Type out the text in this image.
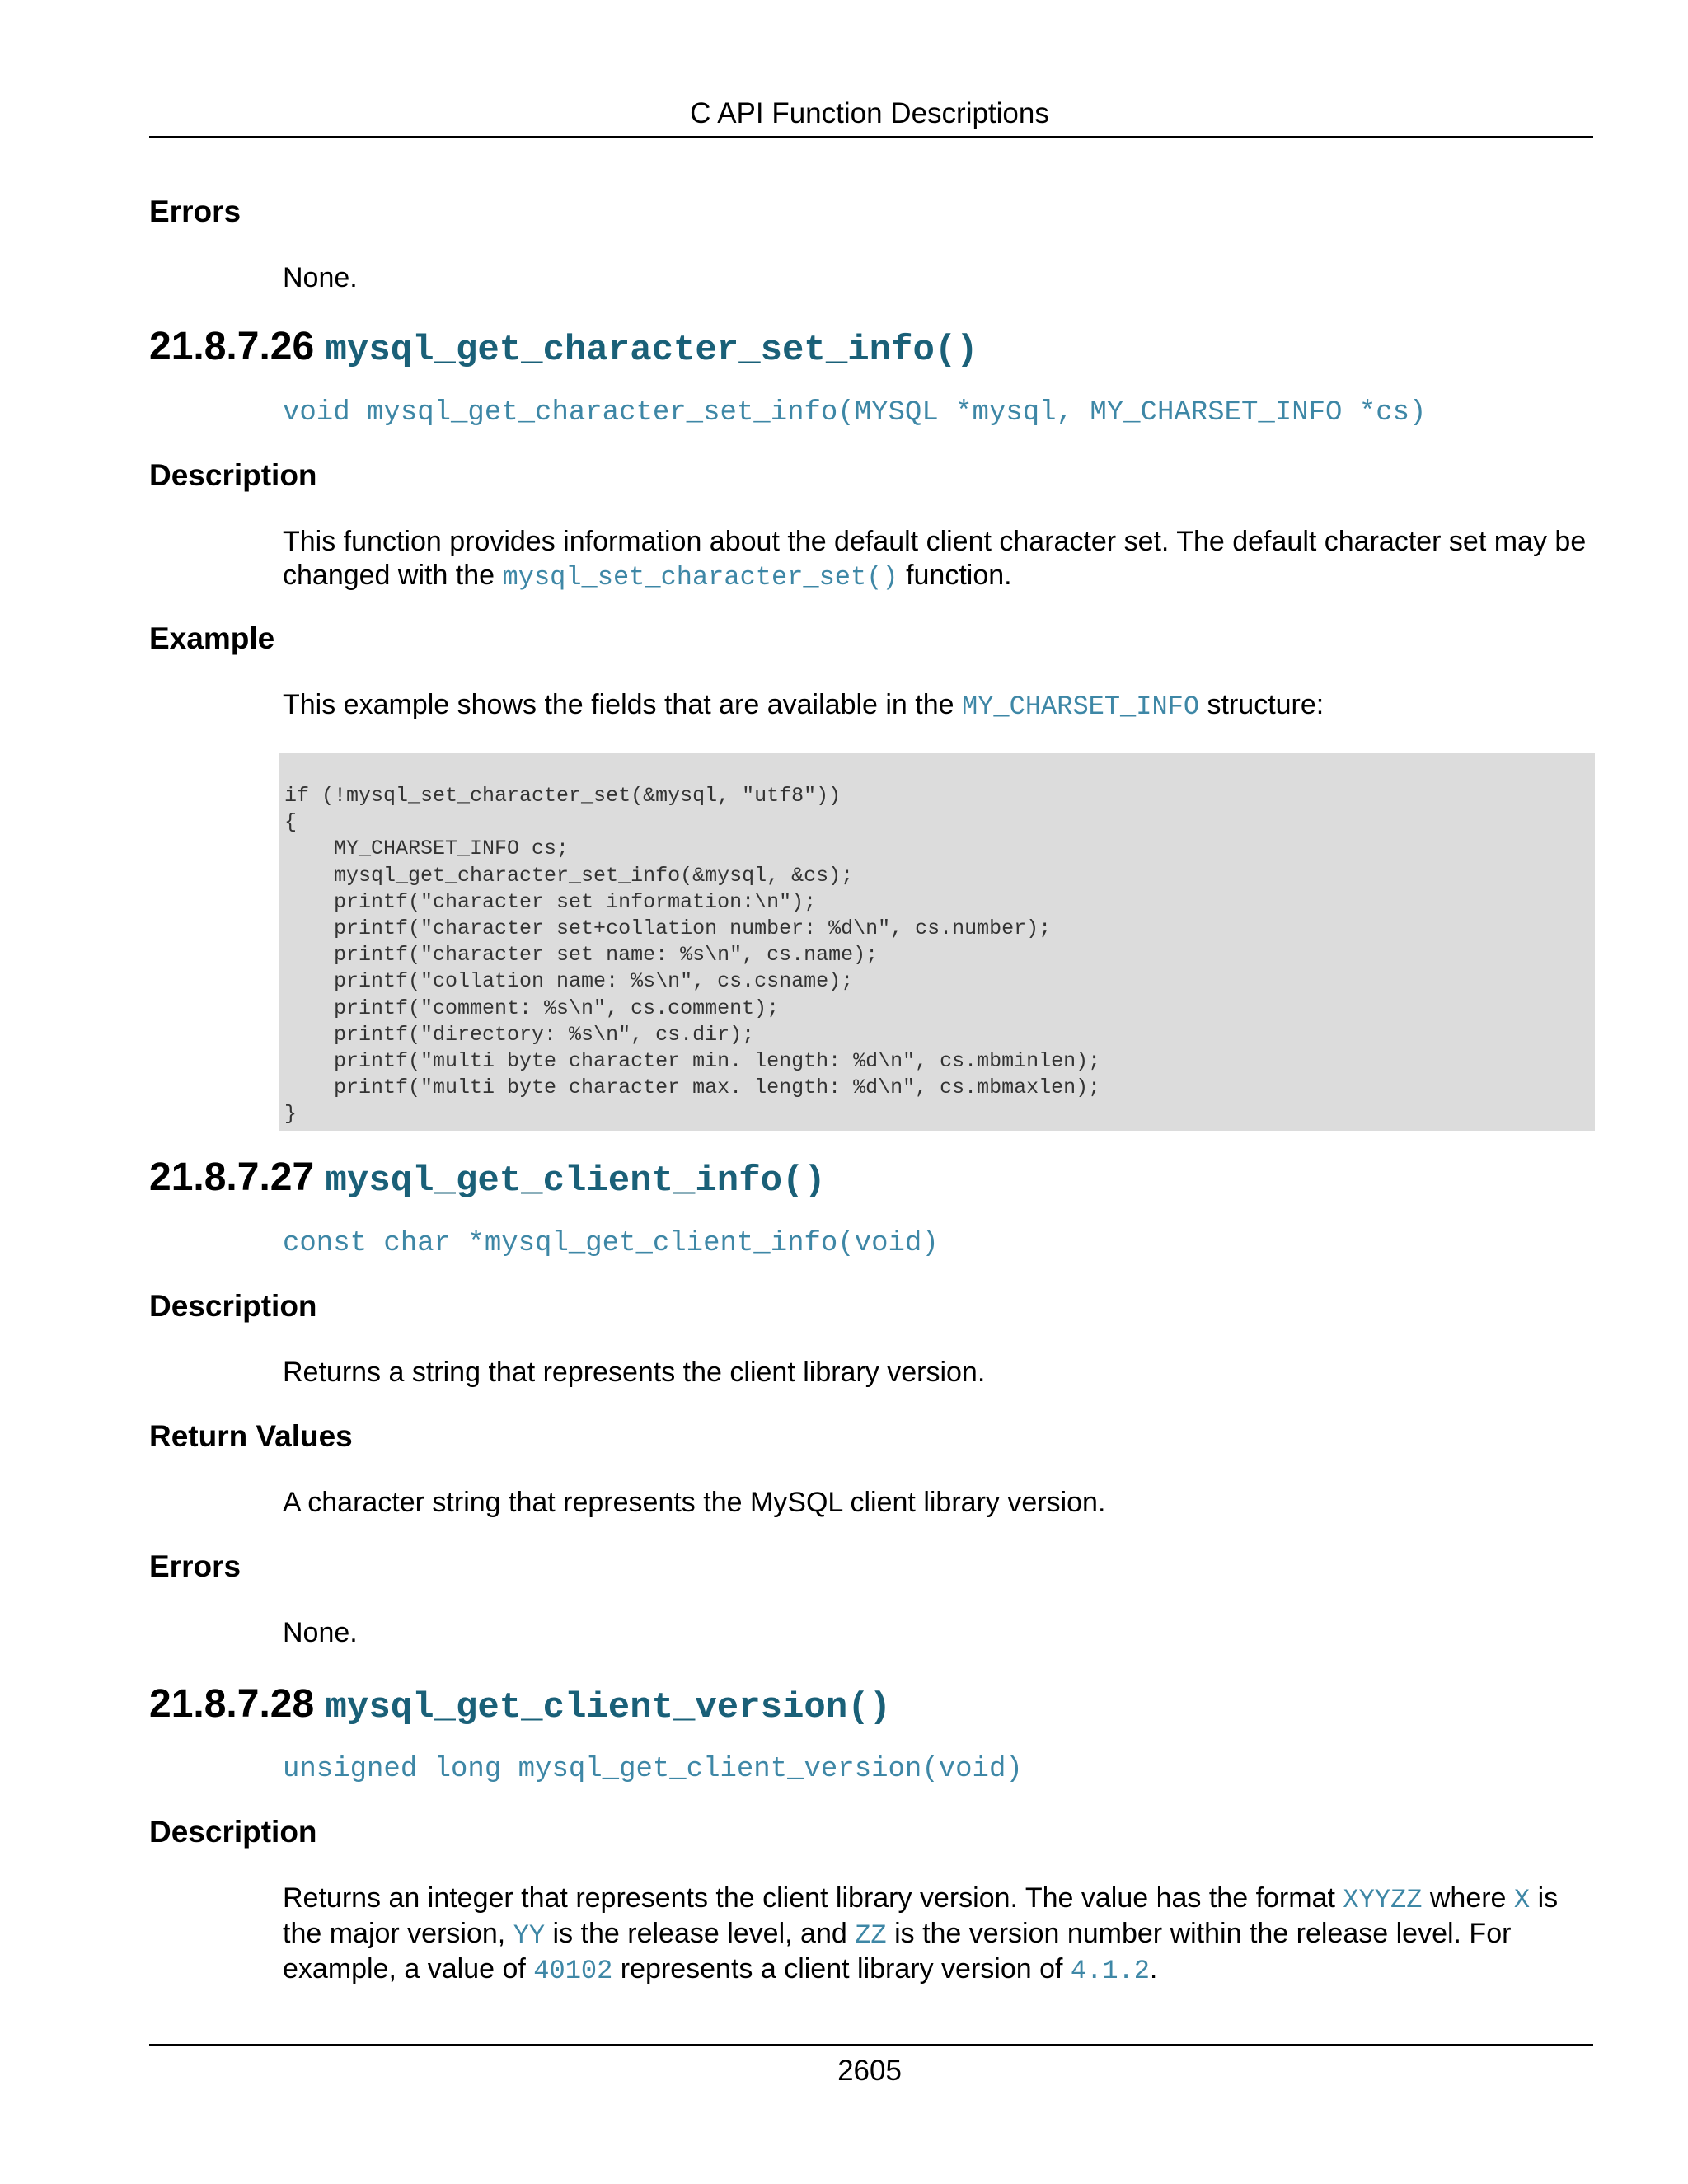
C API Function Descriptions
Errors
None.
21.8.7.26 mysql_get_character_set_info()
void mysql_get_character_set_info(MYSQL *mysql, MY_CHARSET_INFO *cs)
Description
This function provides information about the default client character set. The default character set may be changed with the mysql_set_character_set() function.
Example
This example shows the fields that are available in the MY_CHARSET_INFO structure:
if (!mysql_set_character_set(&mysql, "utf8"))
{
MY_CHARSET_INFO cs;
mysql_get_character_set_info(&mysql, &cs);
printf("character set information:\n");
printf("character set+collation number: %d\n", cs.number);
printf("character set name: %s\n", cs.name);
printf("collation name: %s\n", cs.csname);
printf("comment: %s\n", cs.comment);
printf("directory: %s\n", cs.dir);
printf("multi byte character min. length: %d\n", cs.mbminlen);
printf("multi byte character max. length: %d\n", cs.mbmaxlen);
}
21.8.7.27 mysql_get_client_info()
const char *mysql_get_client_info(void)
Description
Returns a string that represents the client library version.
Return Values
A character string that represents the MySQL client library version.
Errors
None.
21.8.7.28 mysql_get_client_version()
unsigned long mysql_get_client_version(void)
Description
Returns an integer that represents the client library version. The value has the format XYYZZ where X is the major version, YY is the release level, and ZZ is the version number within the release level. For example, a value of 40102 represents a client library version of 4.1.2.
2605
